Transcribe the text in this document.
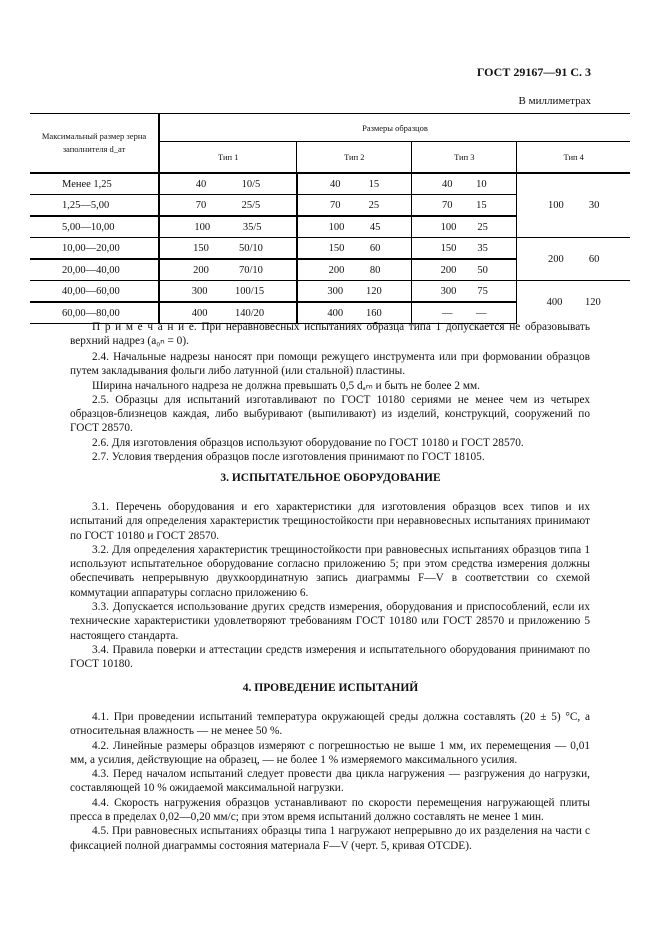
ГОСТ 29167—91 С. 3
В миллиметрах
Максимальный размер зерна заполнителя d_ат	Размеры образцов			
	Тип 1	Тип 2	Тип 3	Тип 4
Менее 1,25	40 10/5	40 15	40 10	100 30

1,25—5,00	70 25/5	70 25	70 15	

5,00—10,00	100 35/5	100 45	100 25	

10,00—20,00	150 50/10	150 60	150 35	200 60

20,00—40,00	200 70/10	200 80	200 50	

40,00—60,00	300 100/15	300 120	300 75	400 120

60,00—80,00	400 140/20	400 160	— —	

П р и м е ч а н и е. При неравновесных испытаниях образца типа 1 допускается не образовывать верхний надрез (a₀ₙ = 0).

2.4. Начальные надрезы наносят при помощи режущего инструмента или при формовании образцов путем закладывания фольги либо латунной (или стальной) пластины.

Ширина начального надреза не должна превышать 0,5 dₐₘ и быть не более 2 мм.

2.5. Образцы для испытаний изготавливают по ГОСТ 10180 сериями не менее чем из четырех образцов-близнецов каждая, либо выбуривают (выпиливают) из изделий, конструкций, сооружений по ГОСТ 28570.

2.6. Для изготовления образцов используют оборудование по ГОСТ 10180 и ГОСТ 28570.

2.7. Условия твердения образцов после изготовления принимают по ГОСТ 18105.

3. ИСПЫТАТЕЛЬНОЕ ОБОРУДОВАНИЕ

3.1. Перечень оборудования и его характеристики для изготовления образцов всех типов и их испытаний для определения характеристик трещиностойкости при неравновесных испытаниях принимают по ГОСТ 10180 и ГОСТ 28570.

3.2. Для определения характеристик трещиностойкости при равновесных испытаниях образцов типа 1 используют испытательное оборудование согласно приложению 5; при этом средства измерения должны обеспечивать непрерывную двухкоординатную запись диаграммы F—V в соответствии со схемой коммутации аппаратуры согласно приложению 6.

3.3. Допускается использование других средств измерения, оборудования и приспособлений, если их технические характеристики удовлетворяют требованиям ГОСТ 10180 или ГОСТ 28570 и приложению 5 настоящего стандарта.

3.4. Правила поверки и аттестации средств измерения и испытательного оборудования принимают по ГОСТ 10180.

4. ПРОВЕДЕНИЕ ИСПЫТАНИЙ

4.1. При проведении испытаний температура окружающей среды должна составлять (20 ± 5) °С, а относительная влажность — не менее 50 %.

4.2. Линейные размеры образцов измеряют с погрешностью не выше 1 мм, их перемещения — 0,01 мм, а усилия, действующие на образец, — не более 1 % измеряемого максимального усилия.

4.3. Перед началом испытаний следует провести два цикла нагружения — разгружения до нагрузки, составляющей 10 % ожидаемой максимальной нагрузки.

4.4. Скорость нагружения образцов устанавливают по скорости перемещения нагружающей плиты пресса в пределах 0,02—0,20 мм/с; при этом время испытаний должно составлять не менее 1 мин.

4.5. При равновесных испытаниях образцы типа 1 нагружают непрерывно до их разделения на части с фиксацией полной диаграммы состояния материала F—V (черт. 5, кривая OTCDE).
